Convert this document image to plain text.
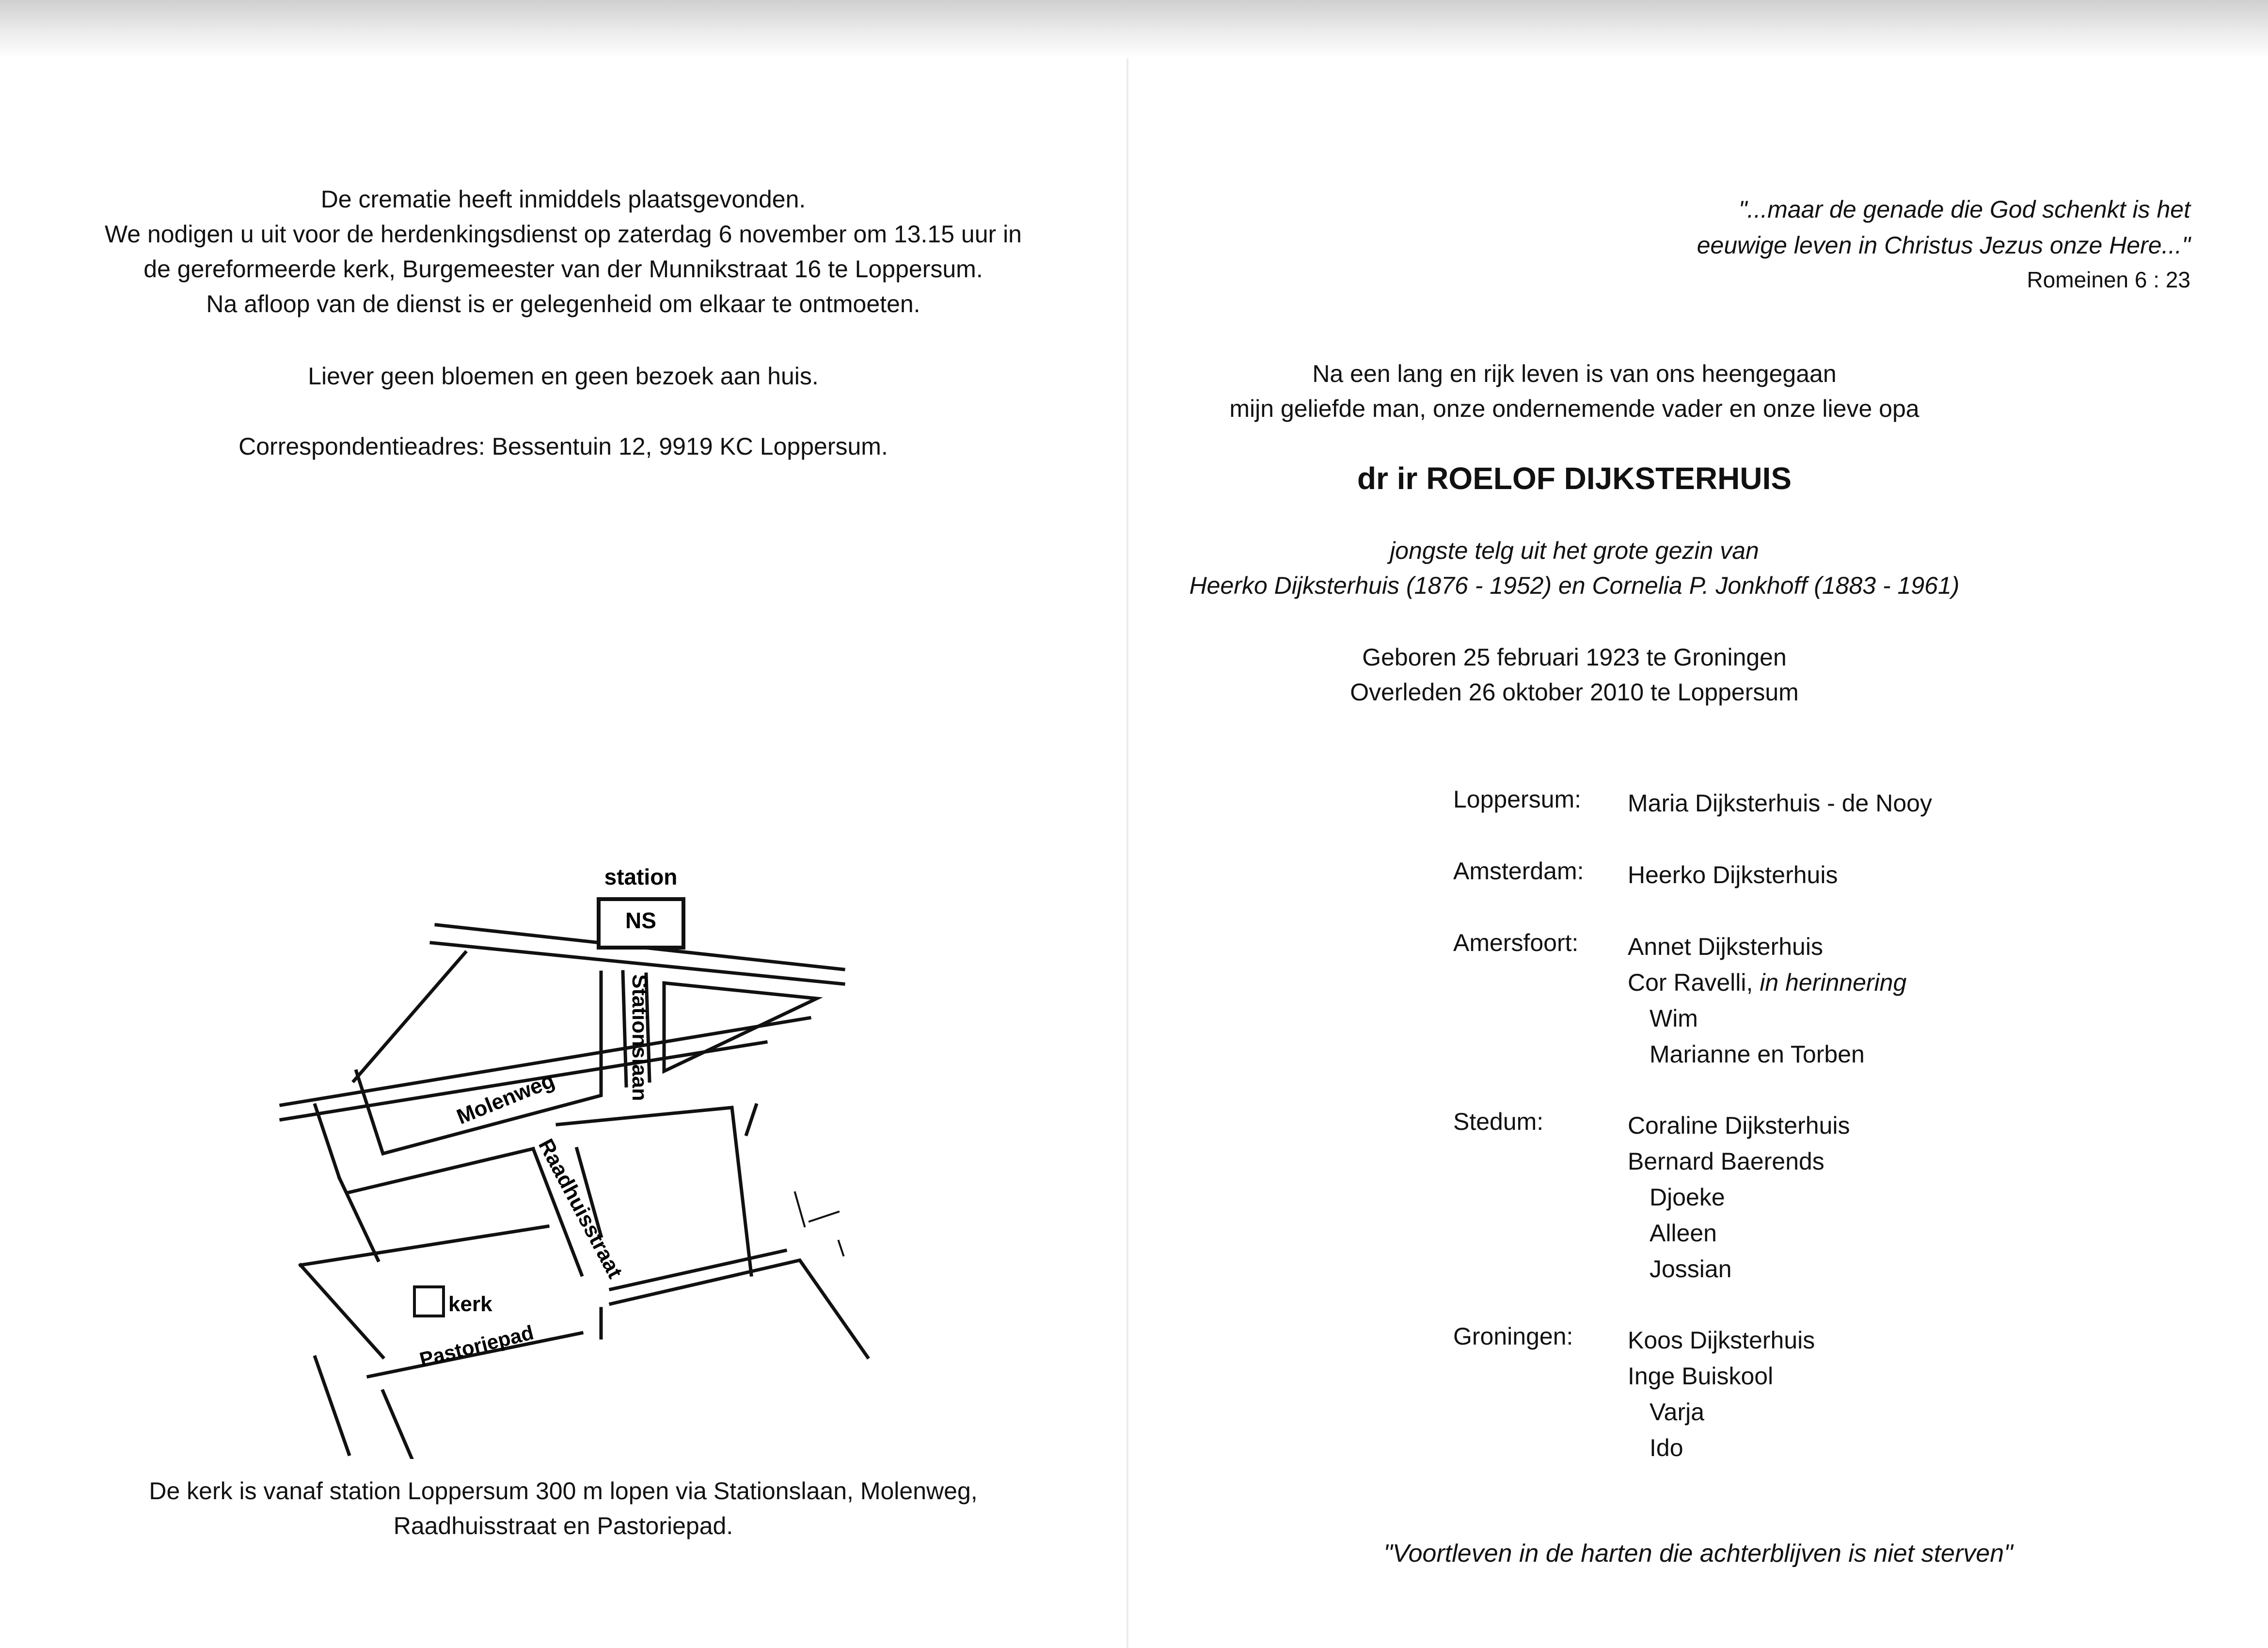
De crematie heeft inmiddels plaatsgevonden.

We nodigen u uit voor de herdenkingsdienst op zaterdag 6 november om 13.15 uur in

de gereformeerde kerk, Burgemeester van der Munnikstraat 16 te Loppersum.

Na afloop van de dienst is er gelegenheid om elkaar te ontmoeten.

Liever geen bloemen en geen bezoek aan huis.

Correspondentieadres: Bessentuin 12, 9919 KC Loppersum.

NS
station
Stationslaan
Molenweg
Raadhuisstraat
kerk
Pastoriepad

De kerk is vanaf station Loppersum 300 m lopen via Stationslaan, Molenweg,

Raadhuisstraat en Pastoriepad.

"...maar de genade die God schenkt is het

eeuwige leven in Christus Jezus onze Here..."

Romeinen 6 : 23

Na een lang en rijk leven is van ons heengegaan

mijn geliefde man, onze ondernemende vader en onze lieve opa

dr ir ROELOF DIJKSTERHUIS

jongste telg uit het grote gezin van

Heerko Dijksterhuis (1876 - 1952) en Cornelia P. Jonkhoff (1883 - 1961)

Geboren 25 februari 1923 te Groningen

Overleden 26 oktober 2010 te Loppersum

Loppersum: Maria Dijksterhuis - de Nooy
Amsterdam: Heerko Dijksterhuis
Amersfoort: Annet Dijksterhuis
Cor Ravelli, in herinnering
Wim
Marianne en Torben
Stedum:	Coraline Dijksterhuis
Bernard Baerends
Djoeke
Alleen
Jossian
Groningen: Koos Dijksterhuis
Inge Buiskool
Varja
Ido
"Voortleven in de harten die achterblijven is niet sterven"
